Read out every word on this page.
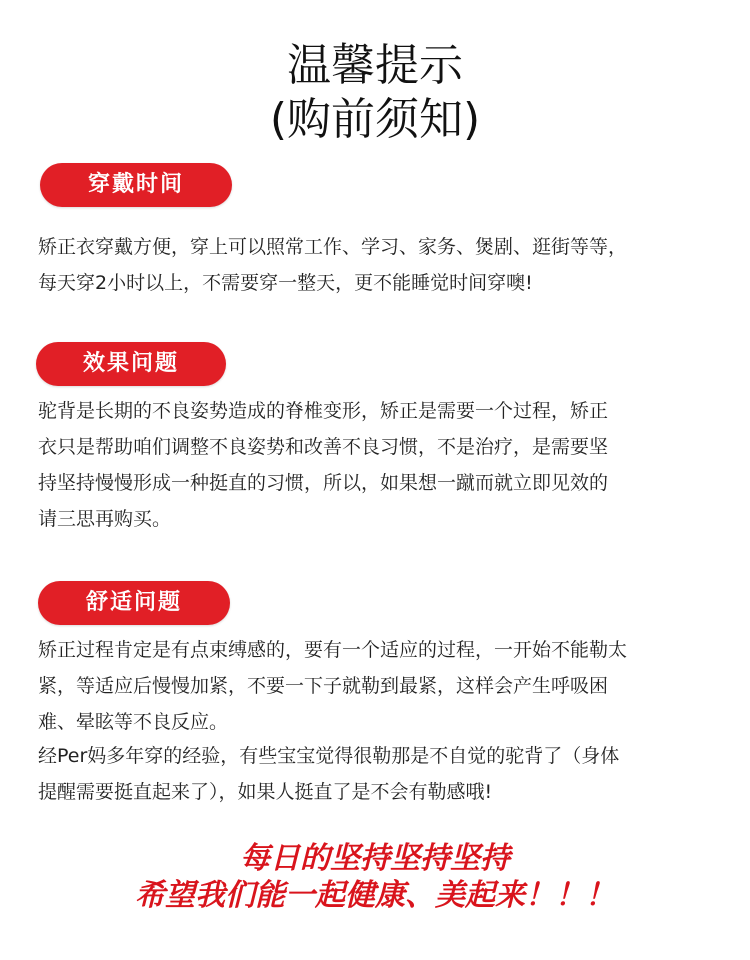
温馨提示
(购前须知)
穿戴时间
矫正衣穿戴方便，穿上可以照常工作、学习、家务、煲剧、逛街等等，
每天穿2小时以上，不需要穿一整天，更不能睡觉时间穿噢!
效果问题
驼背是长期的不良姿势造成的脊椎变形，矫正是需要一个过程，矫正
衣只是帮助咱们调整不良姿势和改善不良习惯，不是治疗，是需要坚
持坚持慢慢形成一种挺直的习惯，所以，如果想一蹴而就立即见效的
请三思再购买。
舒适问题
矫正过程肯定是有点束缚感的，要有一个适应的过程，一开始不能勒太
紧，等适应后慢慢加紧，不要一下子就勒到最紧，这样会产生呼吸困
难、晕眩等不良反应。
经Per妈多年穿的经验，有些宝宝觉得很勒那是不自觉的驼背了（身体
提醒需要挺直起来了），如果人挺直了是不会有勒感哦!
每日的坚持坚持坚持
希望我们能一起健康、美起来！！！
